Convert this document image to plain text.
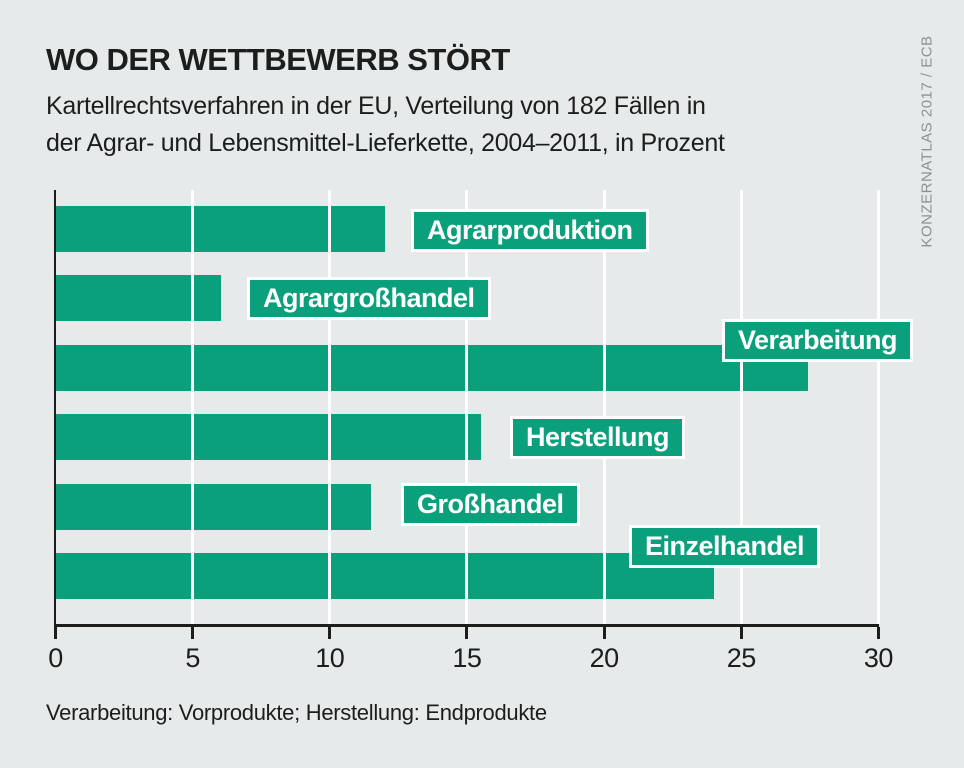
WO DER WETTBEWERB STÖRT
Kartellrechtsverfahren in der EU, Verteilung von 182 Fällen in
der Agrar- und Lebensmittel-Lieferkette, 2004–2011, in Prozent	KONZERNATLAS 2017 / ECB
0	5	10	15	20	25	30
Agrarproduktion
Agrargroßhandel
Verarbeitung
Herstellung
Großhandel
Einzelhandel
Verarbeitung: Vorprodukte; Herstellung: Endprodukte
